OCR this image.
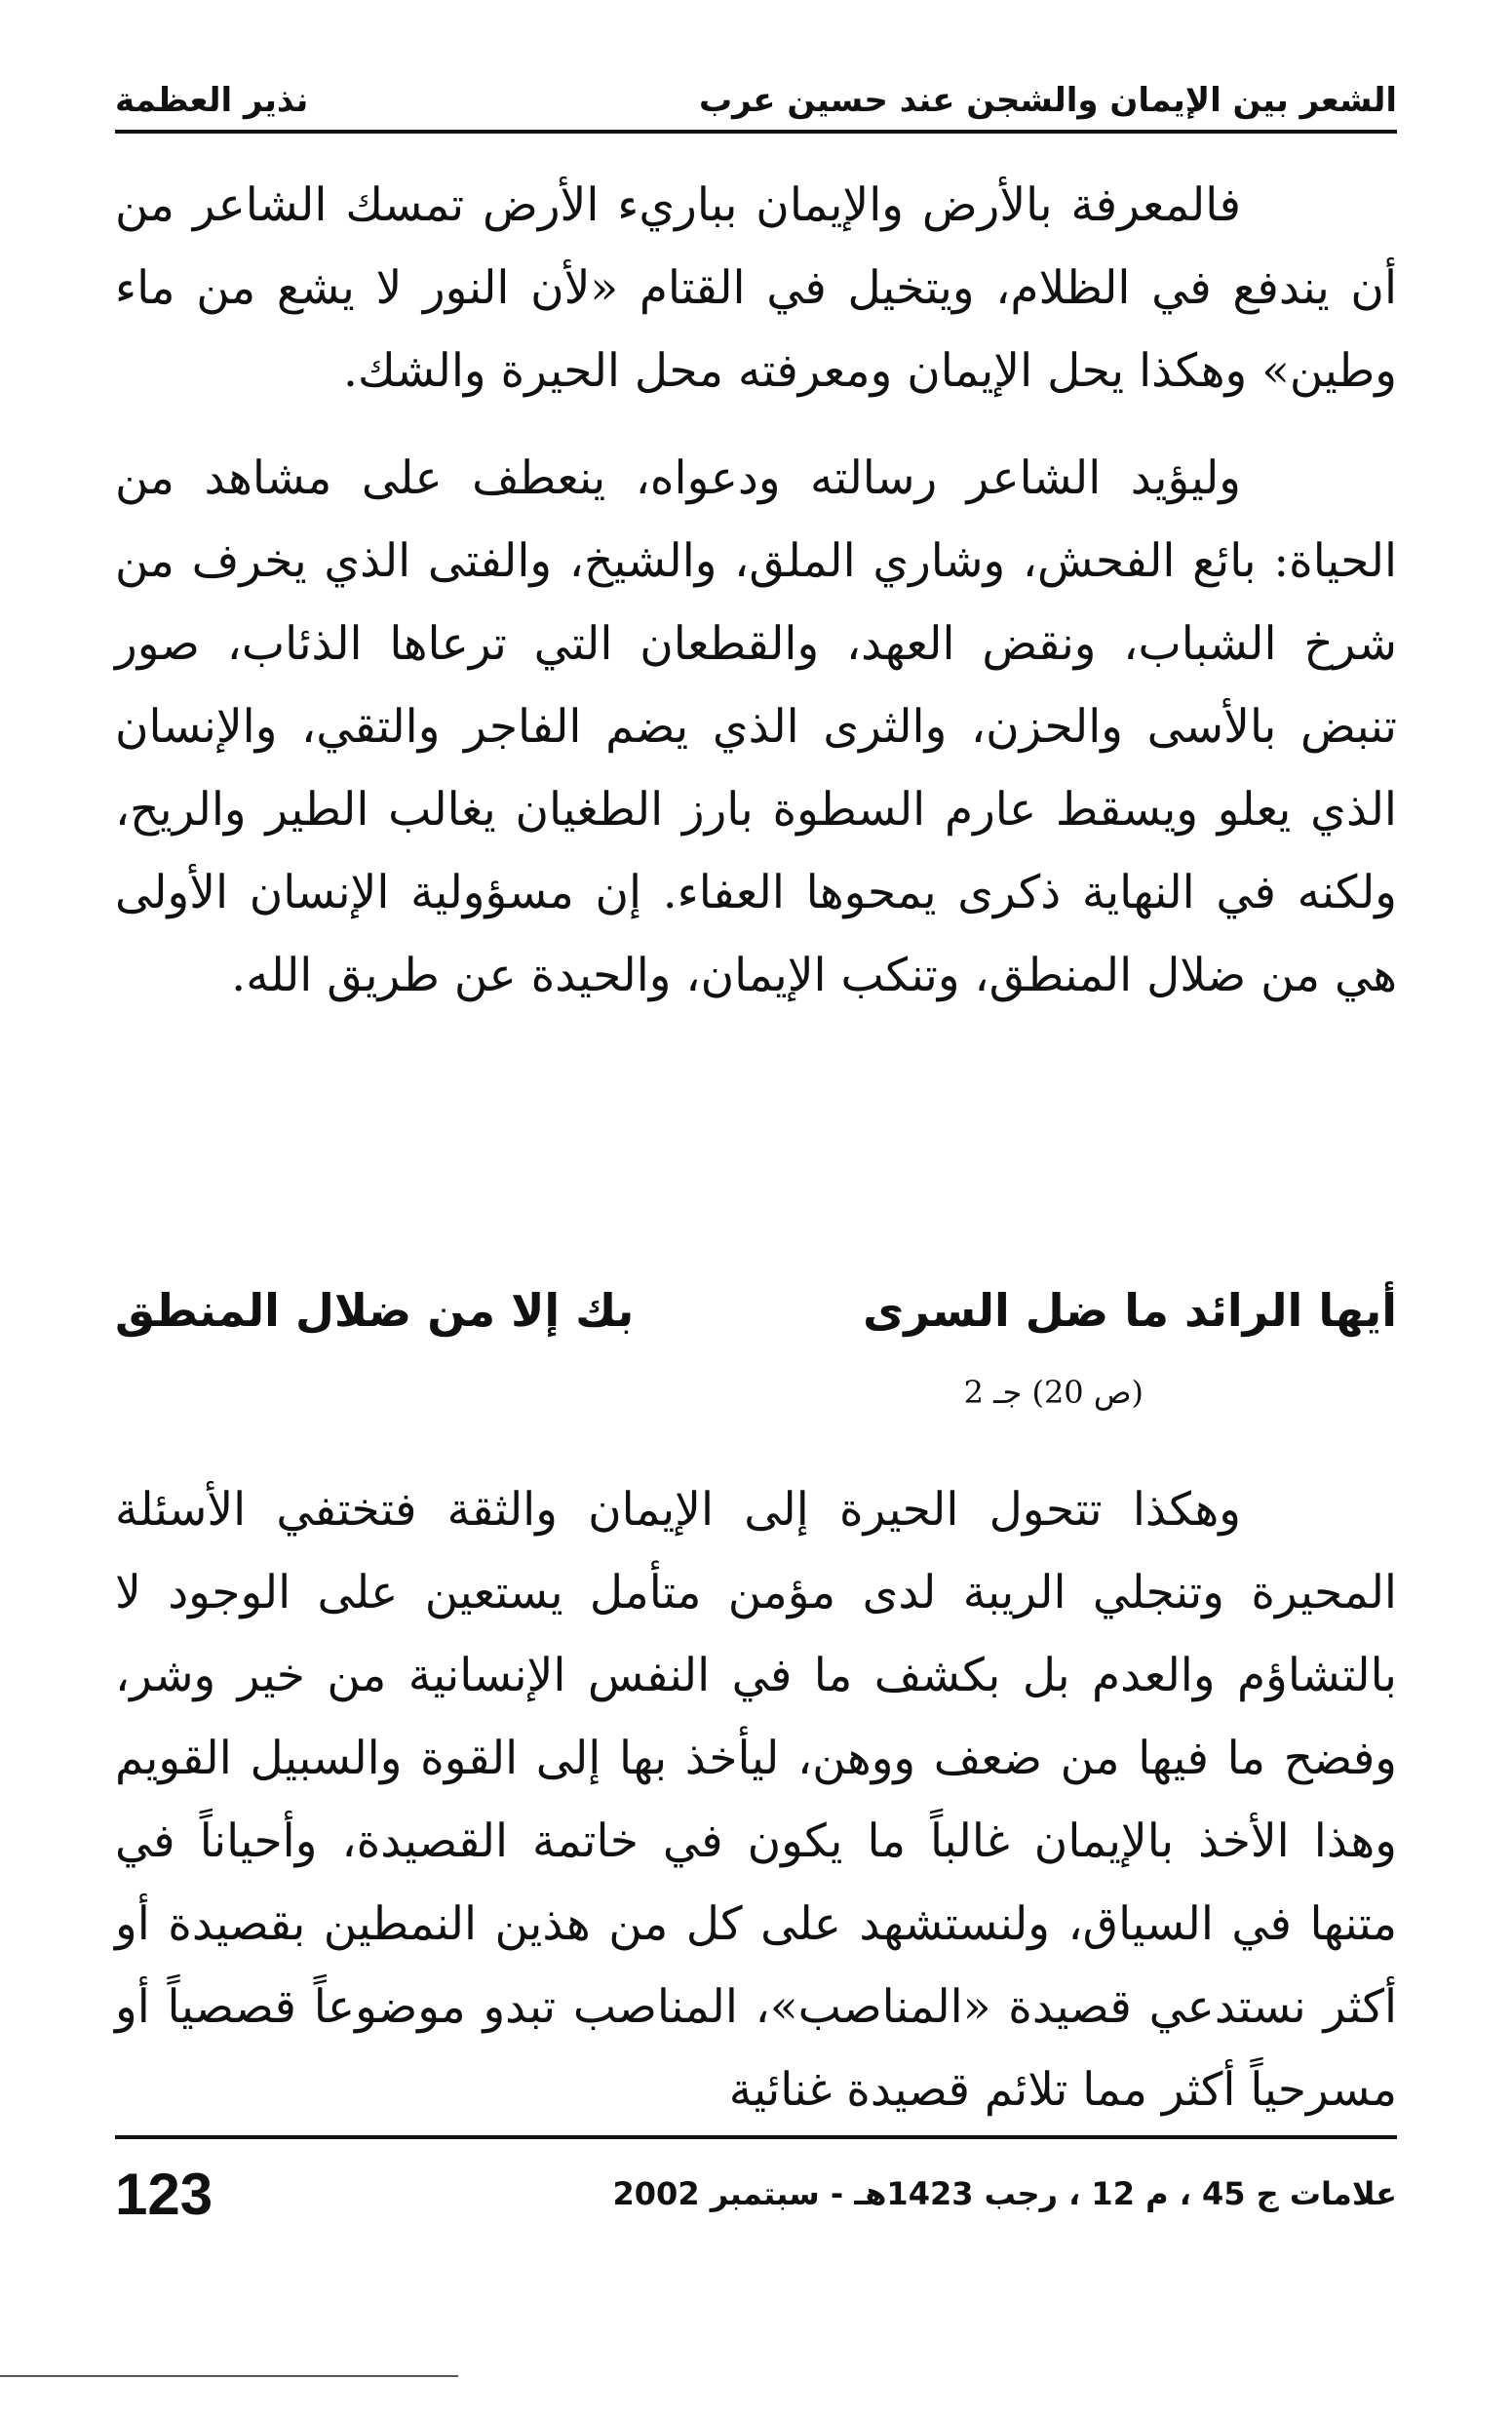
الشعر بين الإيمان والشجن عند حسين عرب
نذير العظمة

فالمعرفة بالأرض والإيمان بباريء الأرض تمسك الشاعر من أن يندفع في الظلام، ويتخيل في القتام «لأن النور لا يشع من ماء وطين» وهكذا يحل الإيمان ومعرفته محل الحيرة والشك.

وليؤيد الشاعر رسالته ودعواه، ينعطف على مشاهد من الحياة: بائع الفحش، وشاري الملق، والشيخ، والفتى الذي يخرف من شرخ الشباب، ونقض العهد، والقطعان التي ترعاها الذئاب، صور تنبض بالأسى والحزن، والثرى الذي يضم الفاجر والتقي، والإنسان الذي يعلو ويسقط عارم السطوة بارز الطغيان يغالب الطير والريح، ولكنه في النهاية ذكرى يمحوها العفاء. إن مسؤولية الإنسان الأولى هي من ضلال المنطق، وتنكب الإيمان، والحيدة عن طريق الله.

أيها الرائد ما ضل السرى
بك إلا من ضلال المنطق
(ص 20) جـ 2

وهكذا تتحول الحيرة إلى الإيمان والثقة فتختفي الأسئلة المحيرة وتنجلي الريبة لدى مؤمن متأمل يستعين على الوجود لا بالتشاؤم والعدم بل بكشف ما في النفس الإنسانية من خير وشر، وفضح ما فيها من ضعف ووهن، ليأخذ بها إلى القوة والسبيل القويم وهذا الأخذ بالإيمان غالباً ما يكون في خاتمة القصيدة، وأحياناً في متنها في السياق، ولنستشهد على كل من هذين النمطين بقصيدة أو أكثر نستدعي قصيدة «المناصب»، المناصب تبدو موضوعاً قصصياً أو مسرحياً أكثر مما تلائم قصيدة غنائية

علامات ج 45 ، م 12 ، رجب 1423هـ - سبتمبر 2002
123
